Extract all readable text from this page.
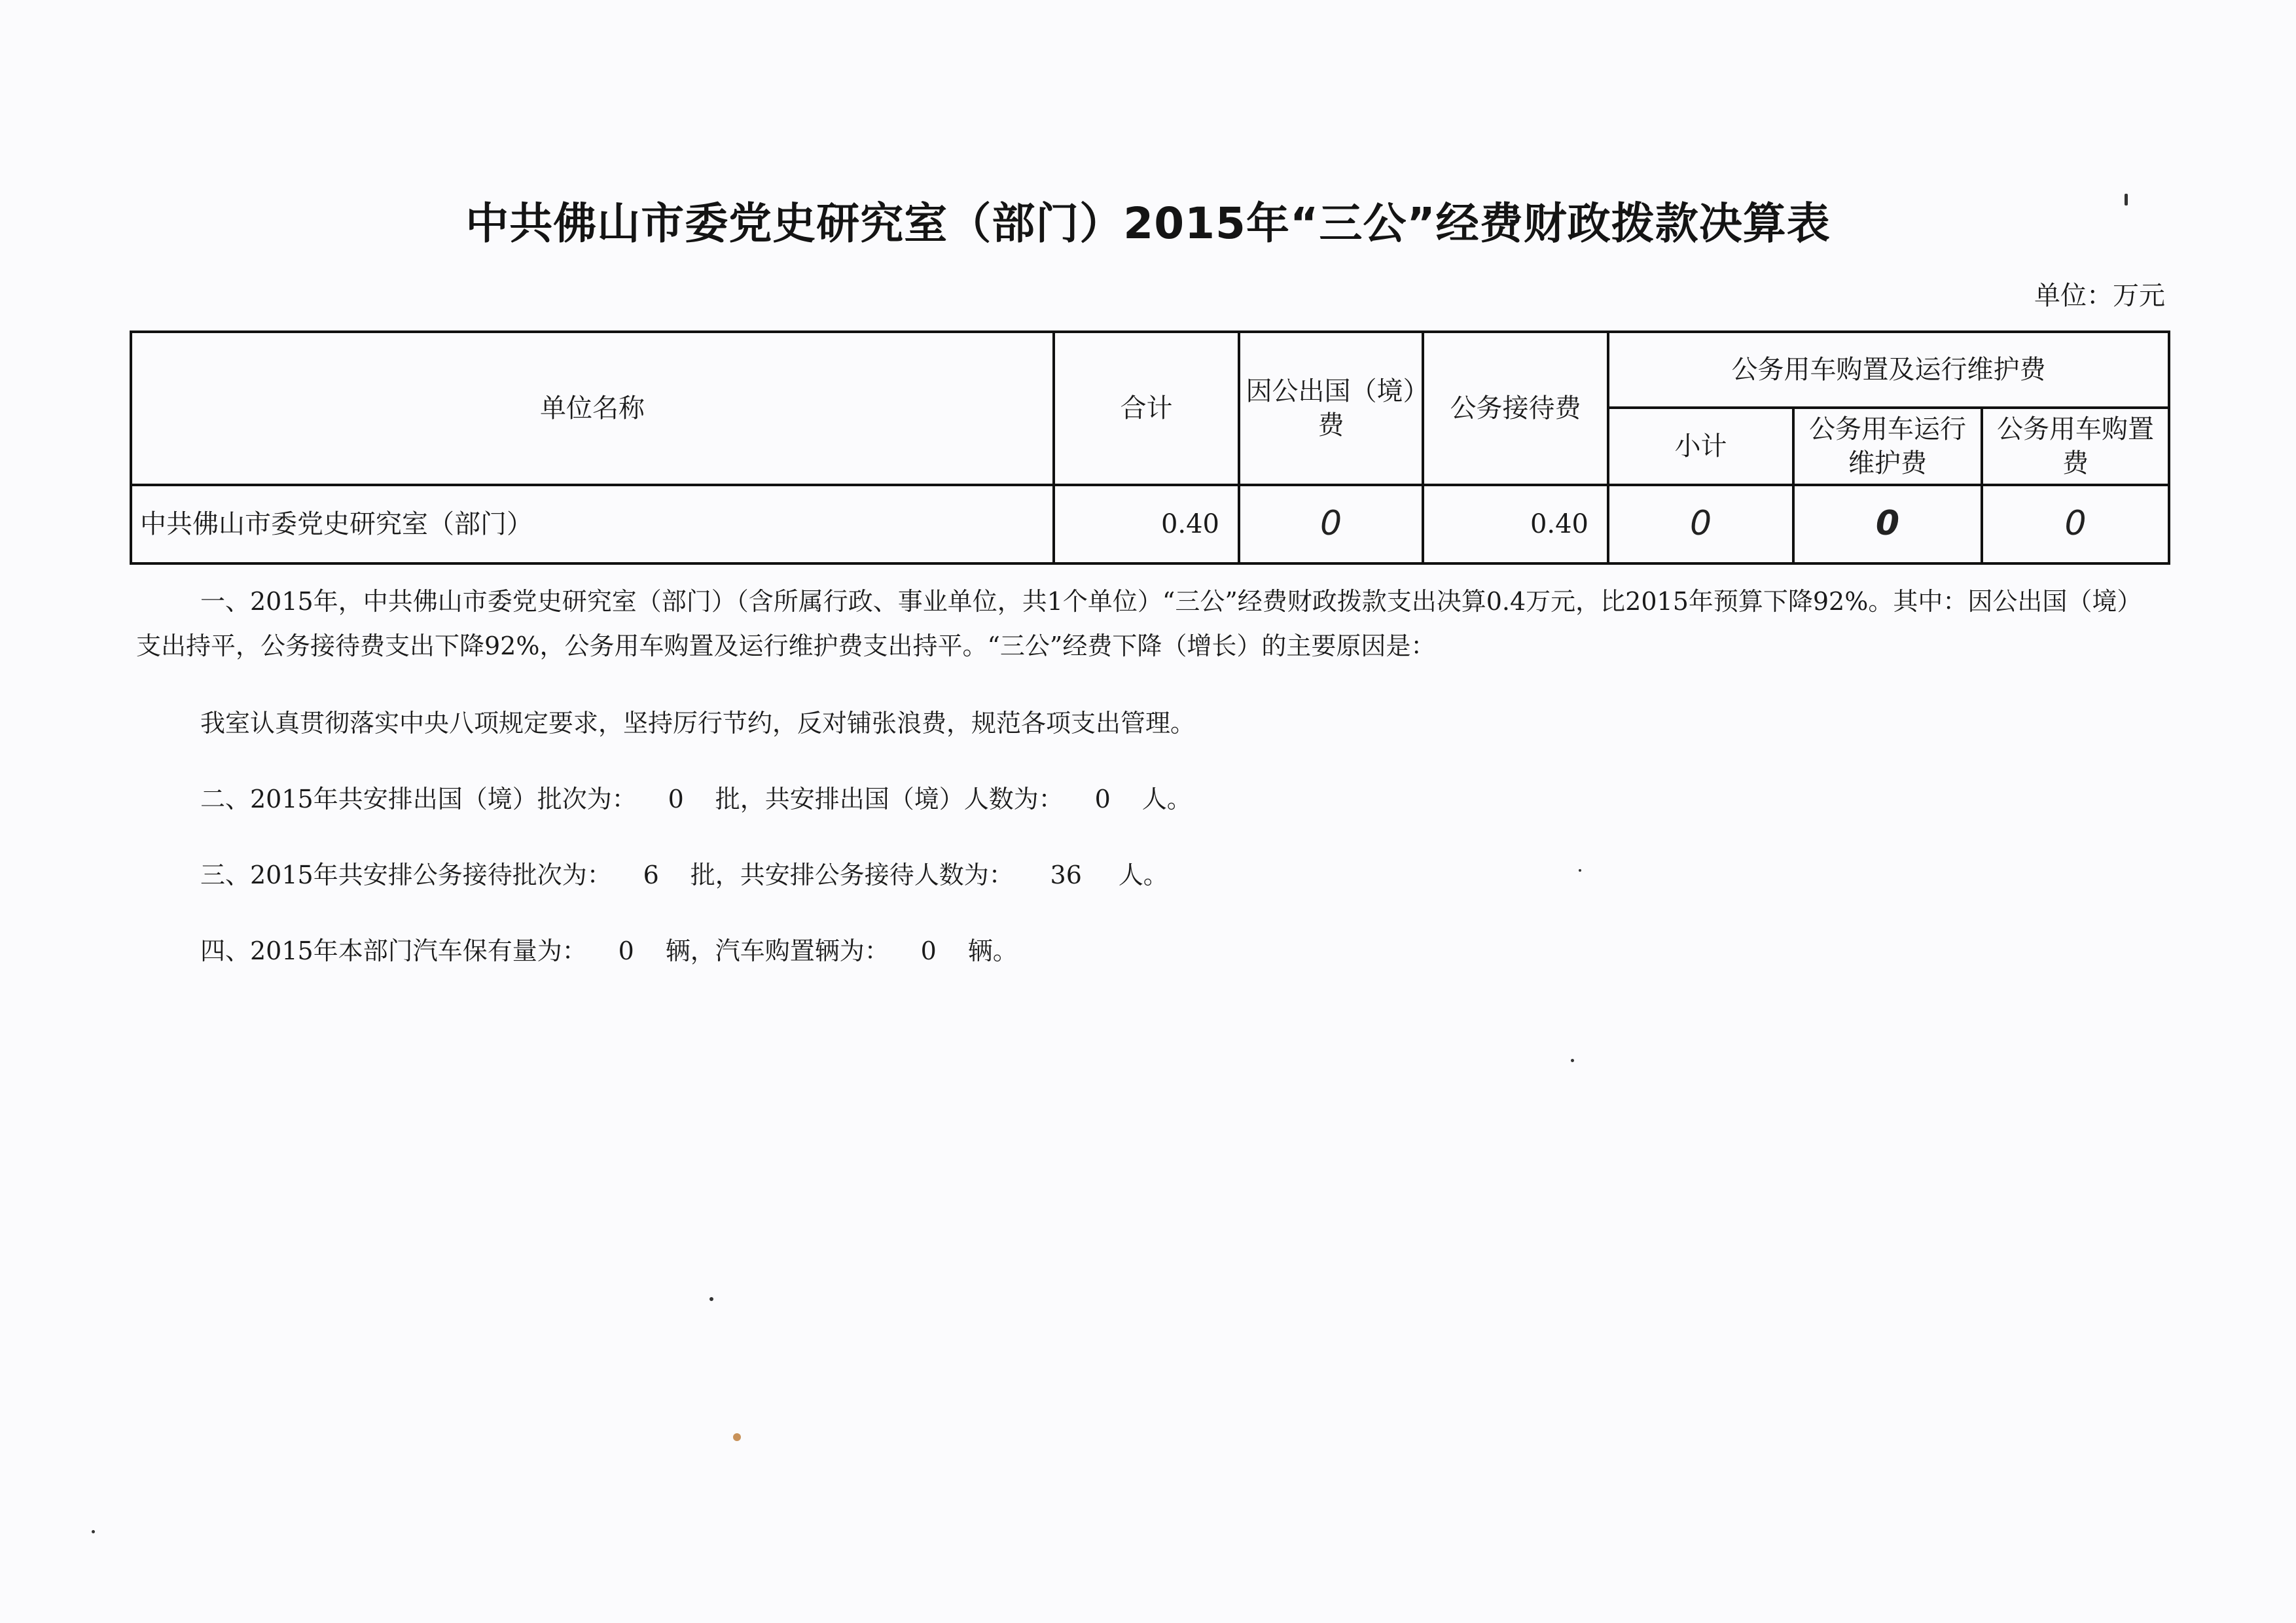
中共佛山市委党史研究室（部门）2015年“三公”经费财政拨款决算表
单位：万元
单位名称	合计	因公出国（境）费	公务接待费	公务用车购置及运行维护费		
				小计	公务用车运行维护费	公务用车购置费
中共佛山市委党史研究室（部门）	0.40	0	0.40	0	0	0

一、2015年，中共佛山市委党史研究室（部门）（含所属行政、事业单位，共1个单位）“三公”经费财政拨款支出决算0.4万元，比2015年预算下降92%。其中：因公出国（境）支出持平，公务接待费支出下降92%，公务用车购置及运行维护费支出持平。“三公”经费下降（增长）的主要原因是：

我室认真贯彻落实中央八项规定要求，坚持厉行节约，反对铺张浪费，规范各项支出管理。

二、2015年共安排出国（境）批次为： 0 批，共安排出国（境）人数为： 0 人。

三、2015年共安排公务接待批次为： 6 批，共安排公务接待人数为： 36 人。

四、2015年本部门汽车保有量为： 0 辆，汽车购置辆为： 0 辆。
